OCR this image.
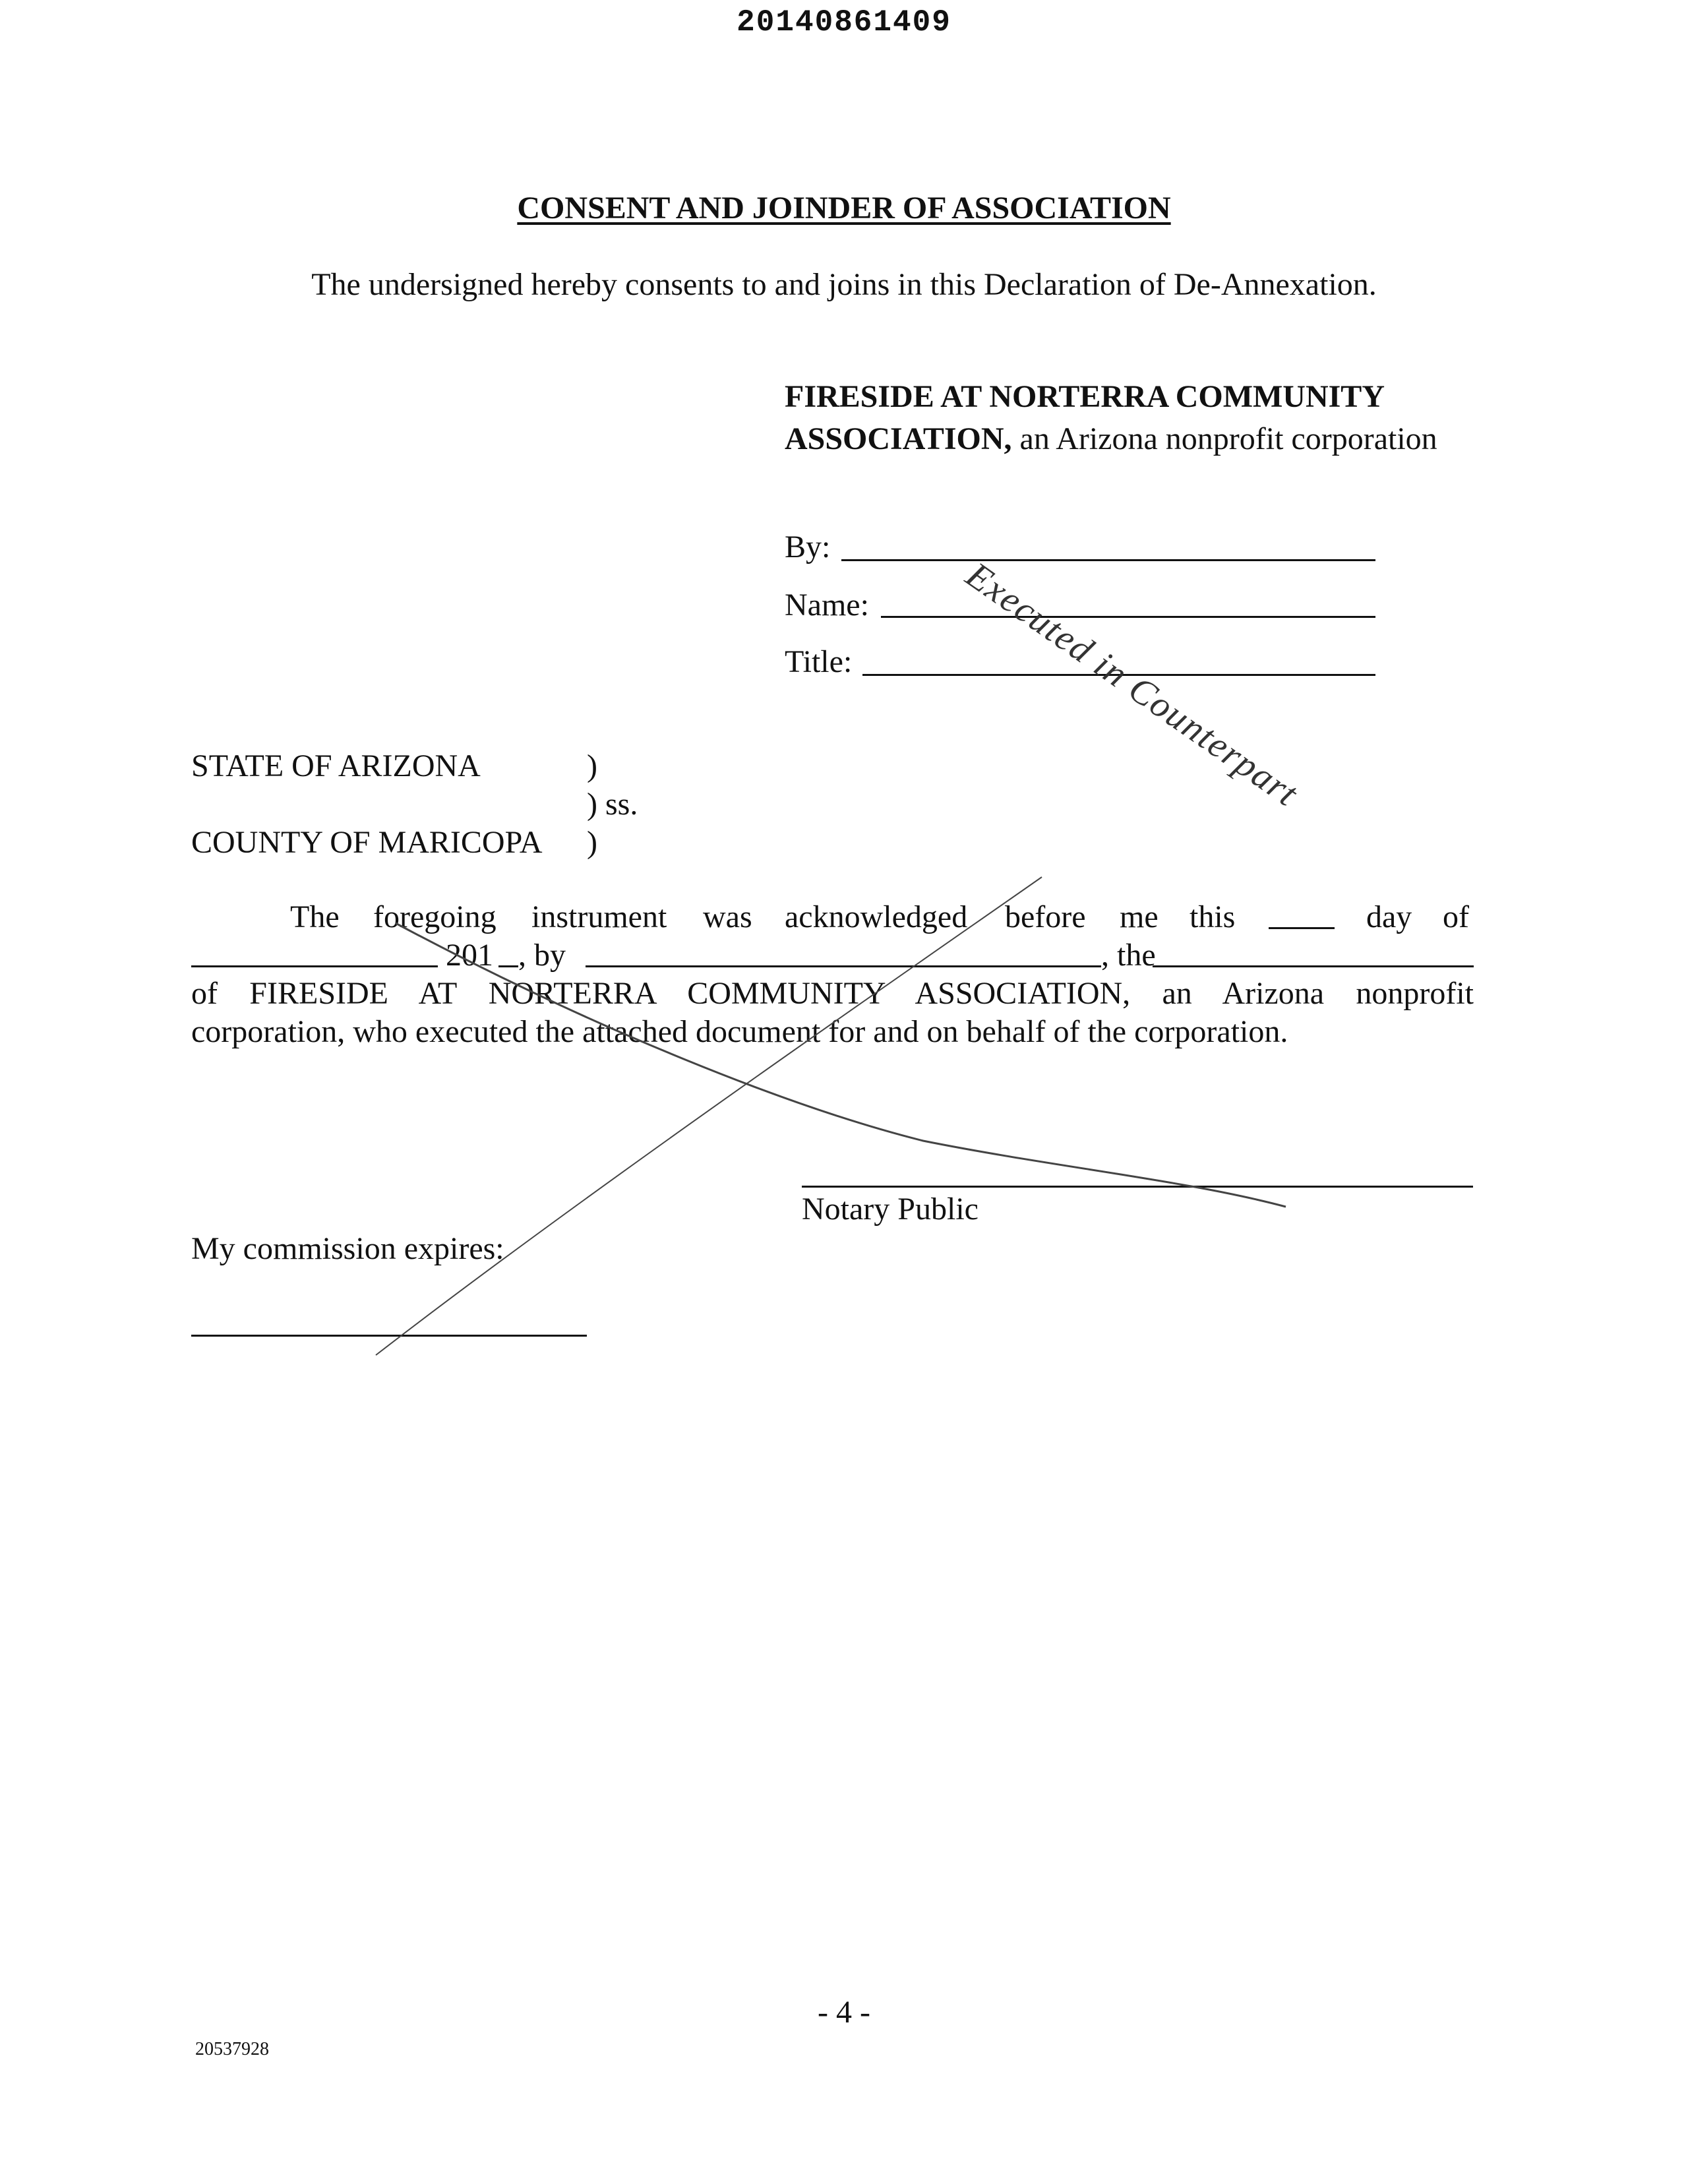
20140861409
CONSENT AND JOINDER OF ASSOCIATION
The undersigned hereby consents to and joins in this Declaration of De-Annexation.
FIRESIDE AT NORTERRA COMMUNITY
ASSOCIATION, an Arizona nonprofit corporation
By:
Name:
Title:	Executed in Counterpart
STATE OF ARIZONA	)
) ss.
COUNTY OF MARICOPA )
The foregoing instrument was acknowledged before me this	day of
201 , by	, the
of FIRESIDE AT NORTERRA COMMUNITY ASSOCIATION, an Arizona nonprofit
corporation, who executed the attached document for and on behalf of the corporation.
Notary Public
My commission expires:
- 4 -
20537928
